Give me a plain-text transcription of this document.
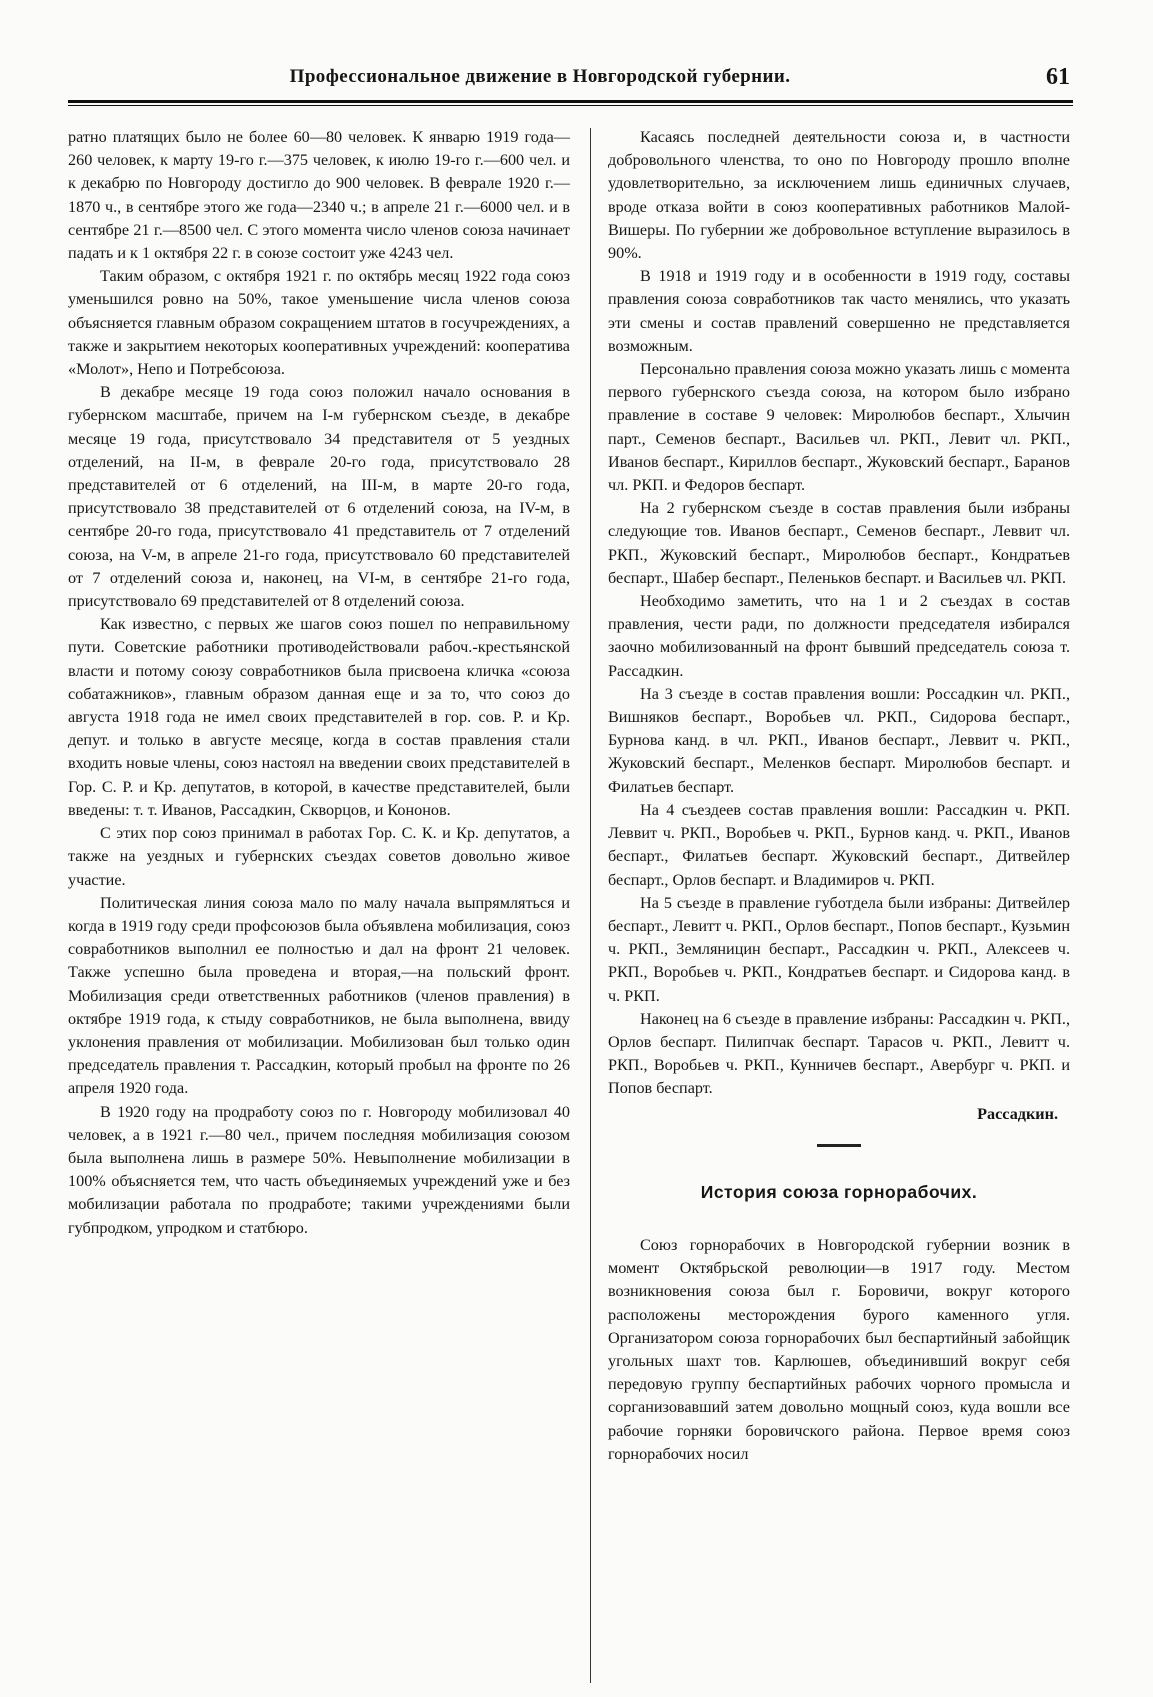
Профессиональное движение в Новгородской губернии.	61

ратно платящих было не более 60—80 человек. К январю 1919 года—260 человек, к марту 19-го г.—375 человек, к июлю 19-го г.—600 чел. и к декабрю по Новгороду достигло до 900 человек. В феврале 1920 г.—1870 ч., в сентябре этого же года—2340 ч.; в апреле 21 г.—6000 чел. и в сентябре 21 г.—8500 чел. С этого момента число членов союза начинает падать и к 1 октября 22 г. в союзе состоит уже 4243 чел.

Таким образом, с октября 1921 г. по октябрь месяц 1922 года союз уменьшился ровно на 50%, такое уменьшение числа членов союза объясняется главным образом сокращением штатов в госучреждениях, а также и закрытием некоторых кооперативных учреждений: кооператива «Молот», Непо и Потребсоюза.

В декабре месяце 19 года союз положил начало основания в губернском масштабе, причем на I-м губернском съезде, в декабре месяце 19 года, присутствовало 34 представителя от 5 уездных отделений, на II-м, в феврале 20-го года, присутствовало 28 представителей от 6 отделений, на III-м, в марте 20-го года, присутствовало 38 представителей от 6 отделений союза, на IV-м, в сентябре 20-го года, присутствовало 41 представитель от 7 отделений союза, на V-м, в апреле 21-го года, присутствовало 60 представителей от 7 отделений союза и, наконец, на VI-м, в сентябре 21-го года, присутствовало 69 представителей от 8 отделений союза.

Как известно, с первых же шагов союз пошел по неправильному пути. Советские работники противодействовали рабоч.-крестьянской власти и потому союзу совработников была присвоена кличка «союза собатажников», главным образом данная еще и за то, что союз до августа 1918 года не имел своих представителей в гор. сов. Р. и Кр. депут. и только в августе месяце, когда в состав правления стали входить новые члены, союз настоял на введении своих представителей в Гор. С. Р. и Кр. депутатов, в которой, в качестве представителей, были введены: т. т. Иванов, Рассадкин, Скворцов, и Кононов.

С этих пор союз принимал в работах Гор. С. К. и Кр. депутатов, а также на уездных и губернских съездах советов довольно живое участие.

Политическая линия союза мало по малу начала выпрямляться и когда в 1919 году среди профсоюзов была объявлена мобилизация, союз совработников выполнил ее полностью и дал на фронт 21 человек. Также успешно была проведена и вторая,—на польский фронт. Мобилизация среди ответственных работников (членов правления) в октябре 1919 года, к стыду совработников, не была выполнена, ввиду уклонения правления от мобилизации. Мобилизован был только один председатель правления т. Рассадкин, который пробыл на фронте по 26 апреля 1920 года.

В 1920 году на продработу союз по г. Новгороду мобилизовал 40 человек, а в 1921 г.—80 чел., причем последняя мобилизация союзом была выполнена лишь в размере 50%. Невыполнение мобилизации в 100% объясняется тем, что часть объединяемых учреждений уже и без мобилизации работала по продработе; такими учреждениями были губпродком, упродком и статбюро.

Касаясь последней деятельности союза и, в частности добровольного членства, то оно по Новгороду прошло вполне удовлетворительно, за исключением лишь единичных случаев, вроде отказа войти в союз кооперативных работников Малой-Вишеры. По губернии же добровольное вступление выразилось в 90%.

В 1918 и 1919 году и в особенности в 1919 году, составы правления союза совработников так часто менялись, что указать эти смены и состав правлений совершенно не представляется возможным.

Персонально правления союза можно указать лишь с момента первого губернского съезда союза, на котором было избрано правление в составе 9 человек: Миролюбов беспарт., Хлычин парт., Семенов беспарт., Васильев чл. РКП., Левит чл. РКП., Иванов беспарт., Кириллов беспарт., Жуковский беспарт., Баранов чл. РКП. и Федоров беспарт.

На 2 губернском съезде в состав правления были избраны следующие тов. Иванов беспарт., Семенов беспарт., Леввит чл. РКП., Жуковский беспарт., Миролюбов беспарт., Кондратьев беспарт., Шабер беспарт., Пеленьков беспарт. и Васильев чл. РКП.

Необходимо заметить, что на 1 и 2 съездах в состав правления, чести ради, по должности председателя избирался заочно мобилизованный на фронт бывший председатель союза т. Рассадкин.

На 3 съезде в состав правления вошли: Россадкин чл. РКП., Вишняков беспарт., Воробьев чл. РКП., Сидорова беспарт., Бурнова канд. в чл. РКП., Иванов беспарт., Леввит ч. РКП., Жуковский беспарт., Меленков беспарт. Миролюбов беспарт. и Филатьев беспарт.

На 4 съездеев состав правления вошли: Рассадкин ч. РКП. Леввит ч. РКП., Воробьев ч. РКП., Бурнов канд. ч. РКП., Иванов беспарт., Филатьев беспарт. Жуковский беспарт., Дитвейлер беспарт., Орлов беспарт. и Владимиров ч. РКП.

На 5 съезде в правление губотдела были избраны: Дитвейлер беспарт., Левитт ч. РКП., Орлов беспарт., Попов беспарт., Кузьмин ч. РКП., Земляницин беспарт., Рассадкин ч. РКП., Алексеев ч. РКП., Воробьев ч. РКП., Кондратьев беспарт. и Сидорова канд. в ч. РКП.

Наконец на 6 съезде в правление избраны: Рассадкин ч. РКП., Орлов беспарт. Пилипчак беспарт. Тарасов ч. РКП., Левитт ч. РКП., Воробьев ч. РКП., Кунничев беспарт., Авербург ч. РКП. и Попов беспарт.

Рассадкин.
История союза горнорабочих.

Союз горнорабочих в Новгородской губернии возник в момент Октябрьской революции—в 1917 году. Местом возникновения союза был г. Боровичи, вокруг которого расположены месторождения бурого каменного угля. Организатором союза горнорабочих был беспартийный забойщик угольных шахт тов. Карлюшев, объединивший вокруг себя передовую группу беспартийных рабочих чорного промысла и сорганизовавший затем довольно мощный союз, куда вошли все рабочие горняки боровичского района. Первое время союз горнорабочих носил
